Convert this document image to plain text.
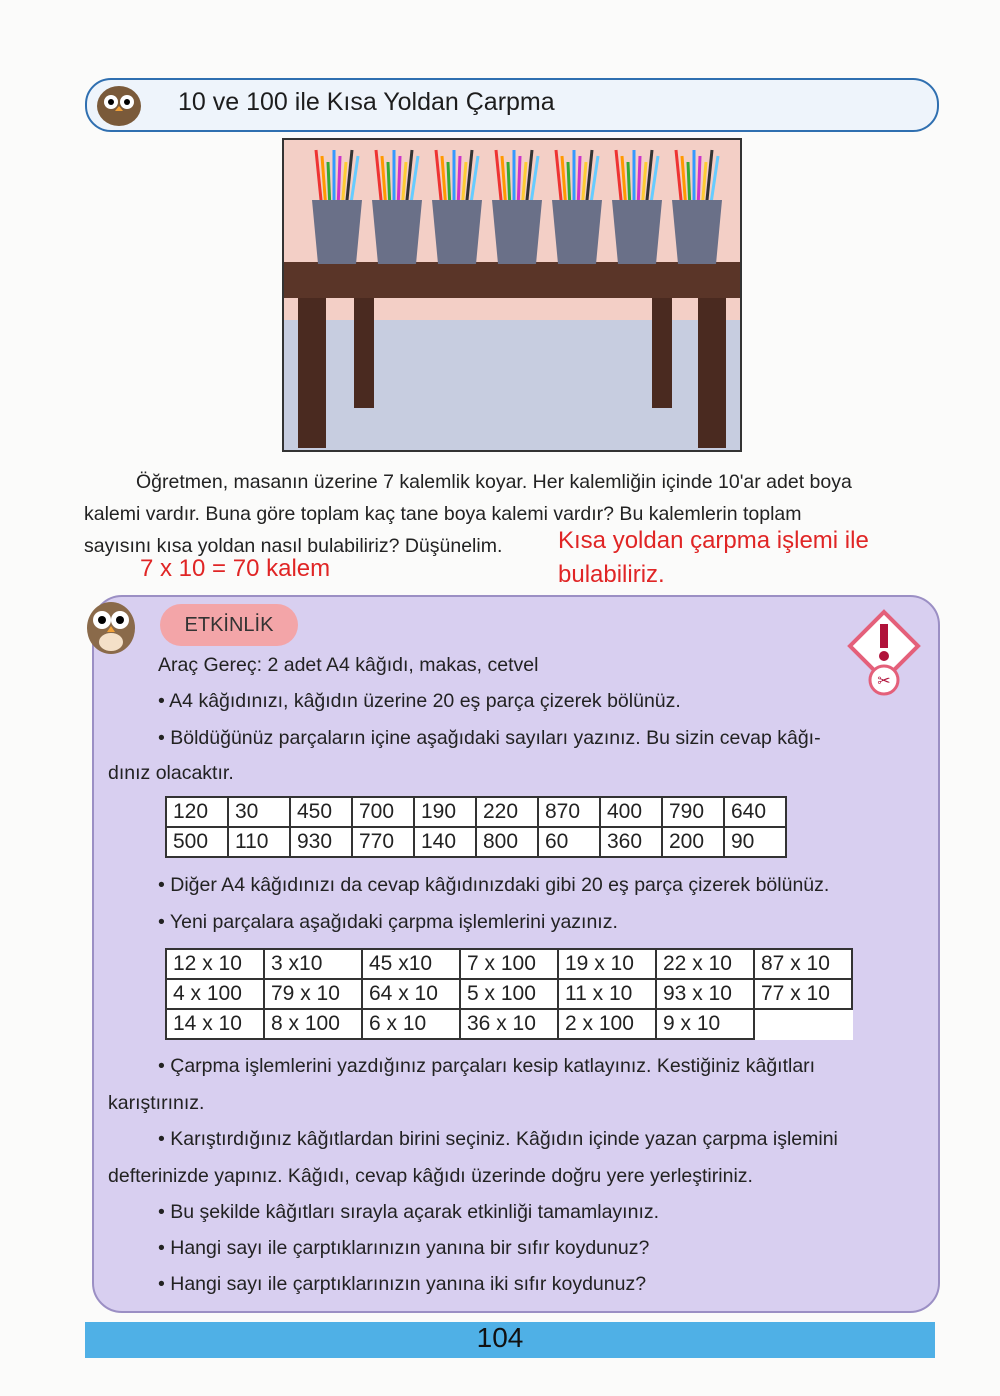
10 ve 100 ile Kısa Yoldan Çarpma
Öğretmen, masanın üzerine 7 kalemlik koyar. Her kalemliğin içinde 10'ar adet boya
kalemi vardır. Buna göre toplam kaç tane boya kalemi vardır? Bu kalemlerin toplam
sayısını kısa yoldan nasıl bulabiliriz? Düşünelim. Kısa yoldan çarpma işlemi ile
7 x 10 = 70 kalem	bulabiliriz.
ETKİNLİK
✂
Araç Gereç: 2 adet A4 kâğıdı, makas, cetvel
• A4 kâğıdınızı, kâğıdın üzerine 20 eş parça çizerek bölünüz.
• Böldüğünüz parçaların içine aşağıdaki sayıları yazınız. Bu sizin cevap kâğı-
dınız olacaktır.
120	30	450	700	190	220	870	400	790	640
500	110	930	770	140	800	60	360	200	90
• Diğer A4 kâğıdınızı da cevap kâğıdınızdaki gibi 20 eş parça çizerek bölünüz.
• Yeni parçalara aşağıdaki çarpma işlemlerini yazınız.
12 x 10	3 x10	45 x10	7 x 100	19 x 10	22 x 10	87 x 10
4 x 100	79 x 10	64 x 10	5 x 100	11 x 10	93 x 10	77 x 10
14 x 10	8 x 100	6 x 10	36 x 10	2 x 100	9 x 10	
• Çarpma işlemlerini yazdığınız parçaları kesip katlayınız. Kestiğiniz kâğıtları
karıştırınız.
• Karıştırdığınız kâğıtlardan birini seçiniz. Kâğıdın içinde yazan çarpma işlemini
defterinizde yapınız. Kâğıdı, cevap kâğıdı üzerinde doğru yere yerleştiriniz.
• Bu şekilde kâğıtları sırayla açarak etkinliği tamamlayınız.
• Hangi sayı ile çarptıklarınızın yanına bir sıfır koydunuz?
• Hangi sayı ile çarptıklarınızın yanına iki sıfır koydunuz?
104
